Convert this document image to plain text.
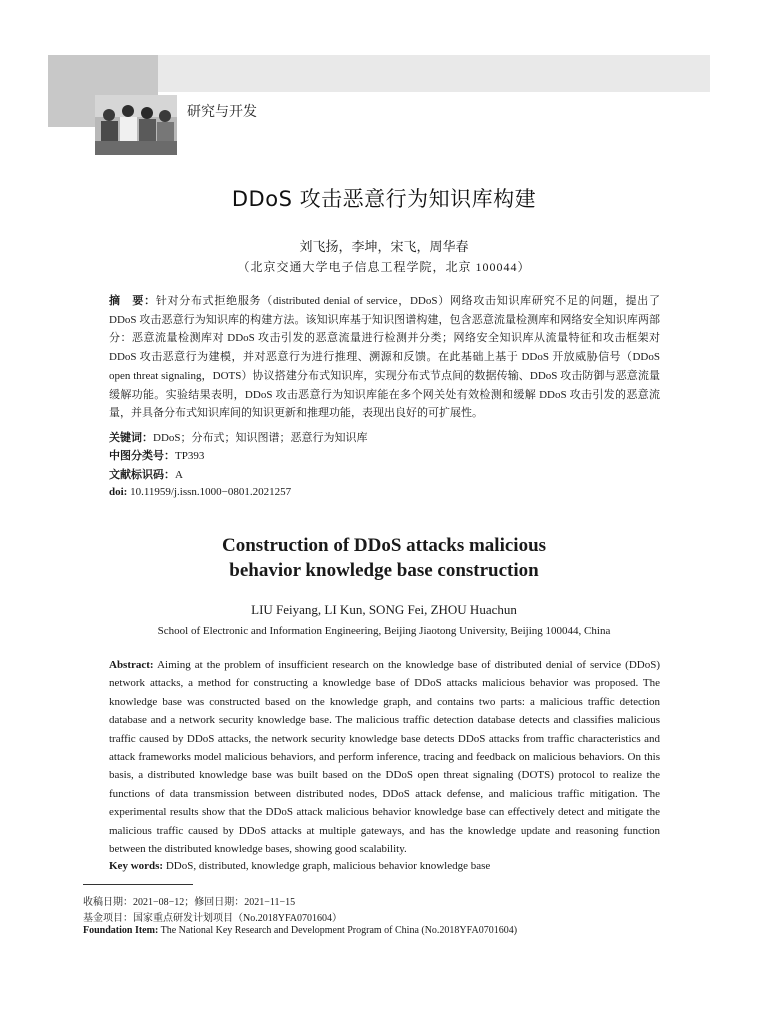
研究与开发
DDoS 攻击恶意行为知识库构建
刘飞扬，李坤，宋飞，周华春
（北京交通大学电子信息工程学院，北京 100044）
摘　要：针对分布式拒绝服务（distributed denial of service，DDoS）网络攻击知识库研究不足的问题，提出了DDoS 攻击恶意行为知识库的构建方法。该知识库基于知识图谱构建，包含恶意流量检测库和网络安全知识库两部分：恶意流量检测库对 DDoS 攻击引发的恶意流量进行检测并分类；网络安全知识库从流量特征和攻击框架对 DDoS 攻击恶意行为建模，并对恶意行为进行推理、溯源和反馈。在此基础上基于 DDoS 开放威胁信号（DDoS open threat signaling，DOTS）协议搭建分布式知识库，实现分布式节点间的数据传输、DDoS 攻击防御与恶意流量缓解功能。实验结果表明，DDoS 攻击恶意行为知识库能在多个网关处有效检测和缓解 DDoS 攻击引发的恶意流量，并具备分布式知识库间的知识更新和推理功能，表现出良好的可扩展性。
关键词：DDoS；分布式；知识图谱；恶意行为知识库
中图分类号：TP393
文献标识码：A
doi: 10.11959/j.issn.1000−0801.2021257
Construction of DDoS attacks malicious
behavior knowledge base construction
LIU Feiyang, LI Kun, SONG Fei, ZHOU Huachun
School of Electronic and Information Engineering, Beijing Jiaotong University, Beijing 100044, China
Abstract: Aiming at the problem of insufficient research on the knowledge base of distributed denial of service (DDoS) network attacks, a method for constructing a knowledge base of DDoS attacks malicious behavior was proposed. The knowledge base was constructed based on the knowledge graph, and contains two parts: a malicious traffic detection database and a network security knowledge base. The malicious traffic detection database detects and classifies malicious traffic caused by DDoS attacks, the network security knowledge base detects DDoS attacks from traffic characteristics and attack frameworks model malicious behaviors, and perform inference, tracing and feedback on malicious behaviors. On this basis, a distributed knowledge base was built based on the DDoS open threat signaling (DOTS) protocol to realize the functions of data transmission between distributed nodes, DDoS attack defense, and malicious traffic mitigation. The experimental results show that the DDoS attack malicious behavior knowledge base can effectively detect and mitigate the malicious traffic caused by DDoS attacks at multiple gateways, and has the knowledge update and reasoning function between the distributed knowledge bases, showing good scalability.
Key words: DDoS, distributed, knowledge graph, malicious behavior knowledge base
收稿日期：2021−08−12；修回日期：2021−11−15
基金项目：国家重点研发计划项目（No.2018YFA0701604）
Foundation Item: The National Key Research and Development Program of China (No.2018YFA0701604)
